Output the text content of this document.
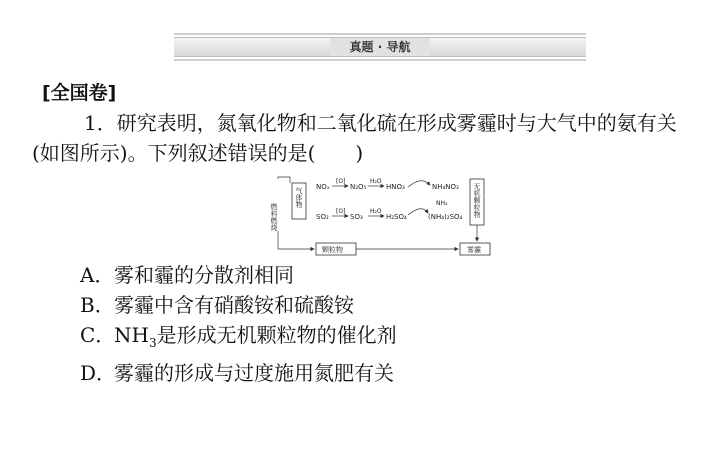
真题 · 导航
[全国卷]
1．研究表明，氮氧化物和二氧化硫在形成雾霾时与大气中的氨有关(如图所示)。下列叙述错误的是(　　)
燃料燃烧
气体物	无机颗粒物
NOₓ
[O]
N₂O₅
H₂O
HNO₃	NH₄NO₃
NH₃
SO₂
[O]
SO₃
H₂O
H₂SO₄	(NH₄)₂SO₄
颗粒物	雾霾
A．雾和霾的分散剂相同
B．雾霾中含有硝酸铵和硫酸铵
C．$NH_3$是形成无机颗粒物的催化剂
D．雾霾的形成与过度施用氮肥有关
